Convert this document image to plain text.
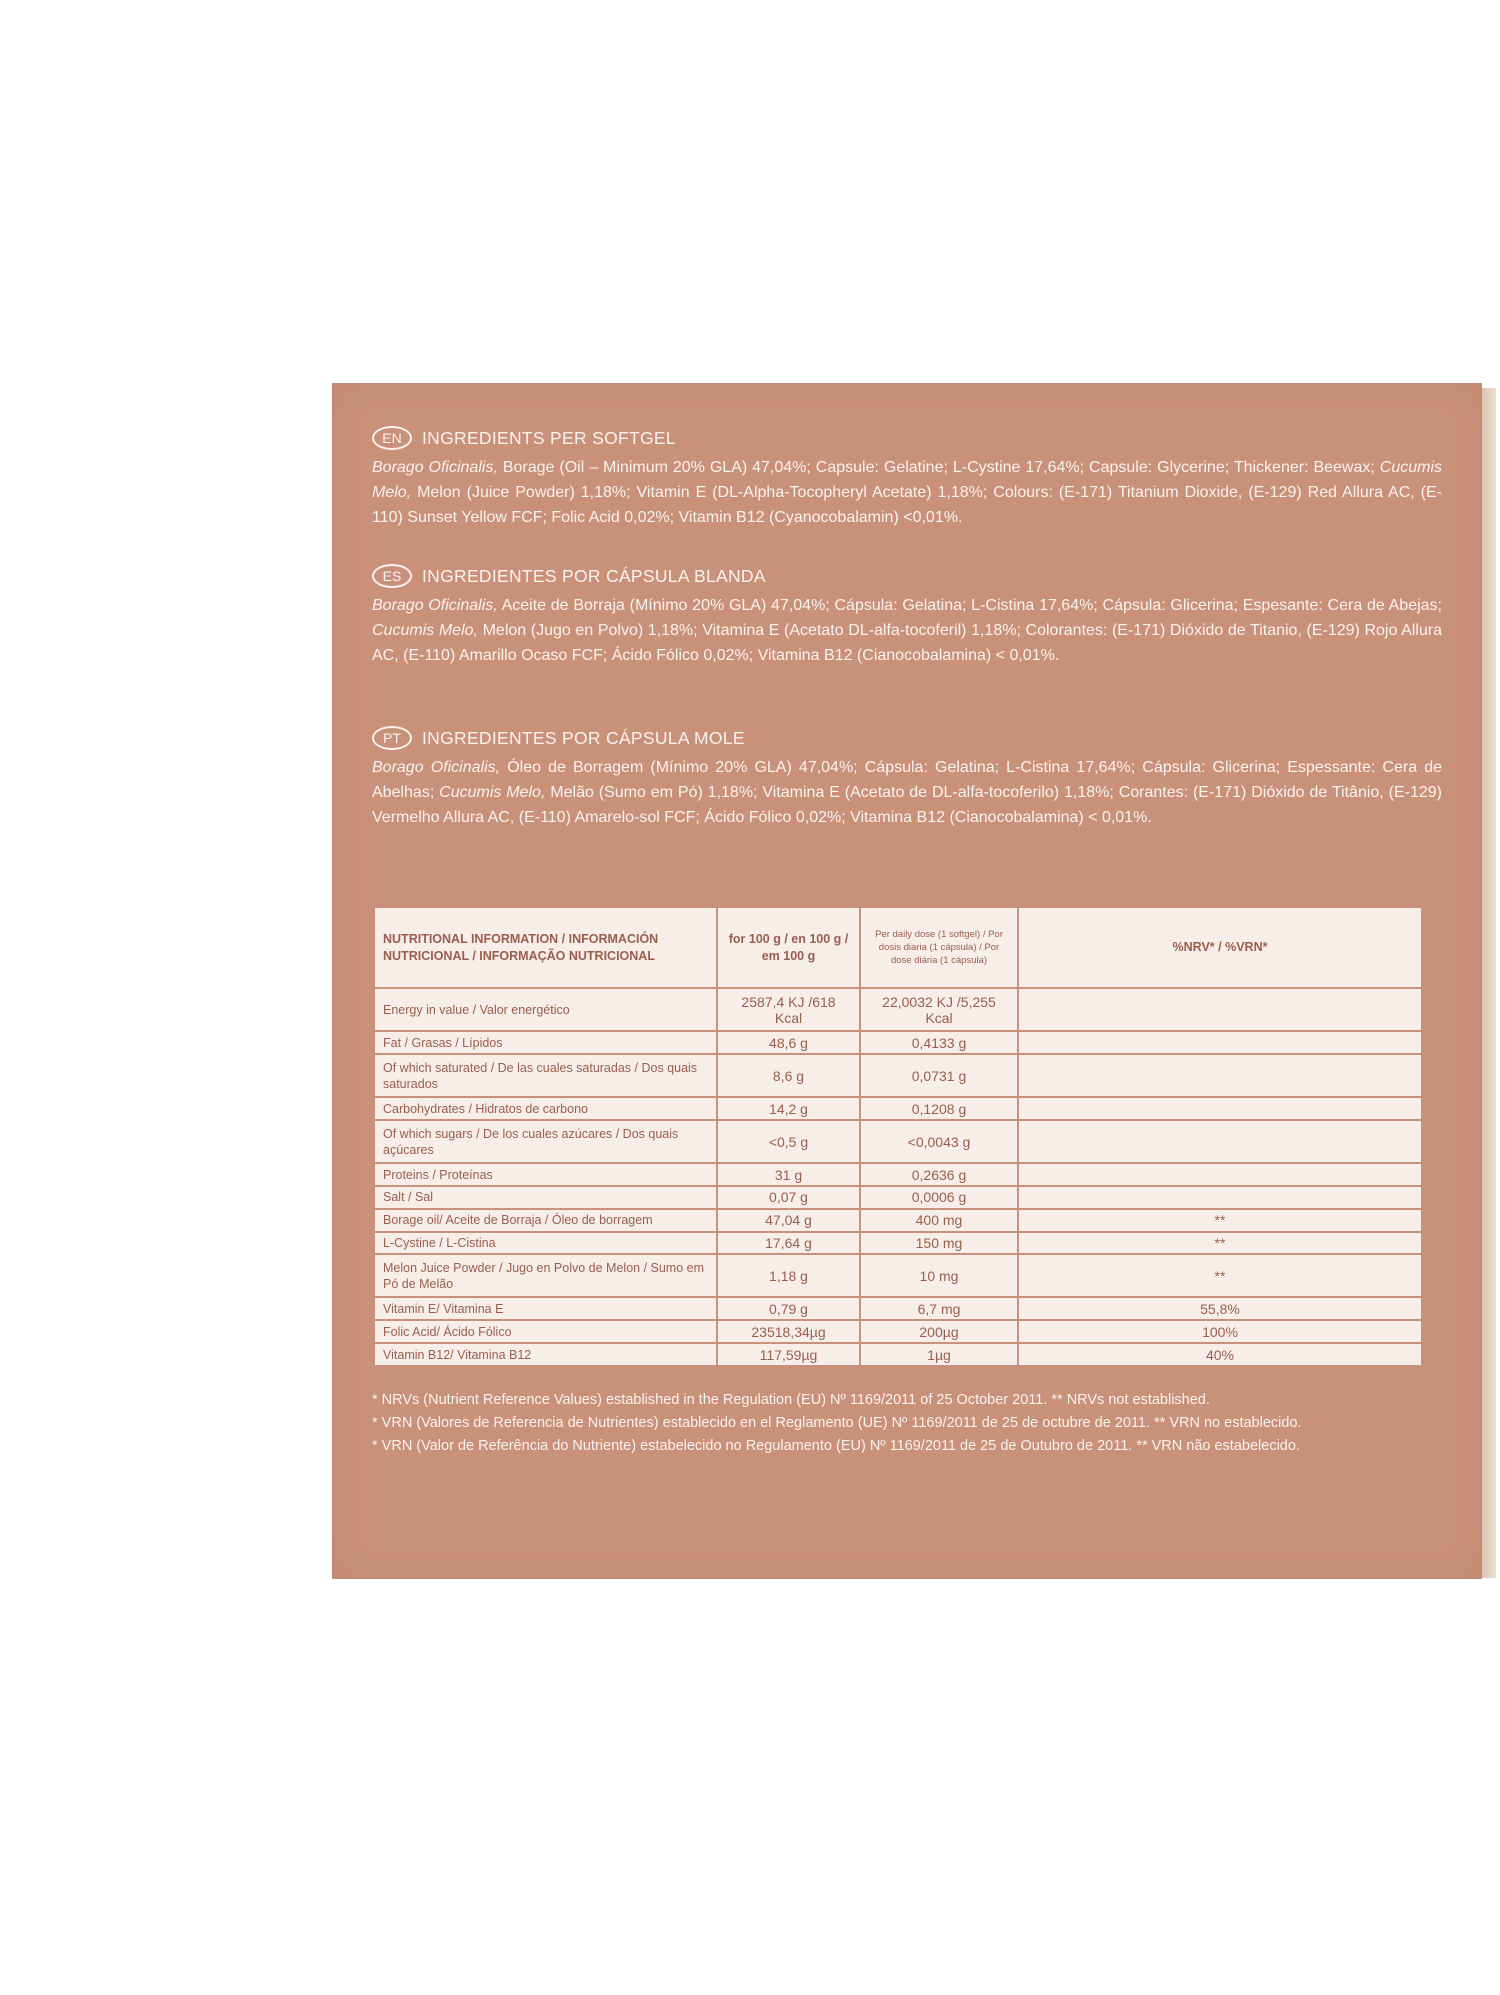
EN	INGREDIENTS PER SOFTGEL

Borago Oficinalis, Borage (Oil – Minimum 20% GLA) 47,04%; Capsule: Gelatine; L-Cystine 17,64%; Capsule: Glycerine; Thickener: Beewax; Cucumis Melo, Melon (Juice Powder) 1,18%; Vitamin E (DL-Alpha-Tocopheryl Acetate) 1,18%; Colours: (E-171) Titanium Dioxide, (E-129) Red Allura AC, (E-110) Sunset Yellow FCF; Folic Acid 0,02%; Vitamin B12 (Cyanocobalamin) <0,01%.

ES	INGREDIENTES POR CÁPSULA BLANDA

Borago Oficinalis, Aceite de Borraja (Mínimo 20% GLA) 47,04%; Cápsula: Gelatina; L-Cistina 17,64%; Cápsula: Glicerina; Espesante: Cera de Abejas; Cucumis Melo, Melon (Jugo en Polvo) 1,18%; Vitamina E (Acetato DL-alfa-tocoferil) 1,18%; Colorantes: (E-171) Dióxido de Titanio, (E-129) Rojo Allura AC, (E-110) Amarillo Ocaso FCF; Ácido Fólico 0,02%; Vitamina B12 (Cianocobalamina) < 0,01%.

PT	INGREDIENTES POR CÁPSULA MOLE

Borago Oficinalis, Óleo de Borragem (Mínimo 20% GLA) 47,04%; Cápsula: Gelatina; L-Cistina 17,64%; Cápsula: Glicerina; Espessante: Cera de Abelhas; Cucumis Melo, Melão (Sumo em Pó) 1,18%; Vitamina E (Acetato de DL-alfa-tocoferilo) 1,18%; Corantes: (E-171) Dióxido de Titânio, (E-129) Vermelho Allura AC, (E-110) Amarelo-sol FCF; Ácido Fólico 0,02%; Vitamina B12 (Cianocobalamina) < 0,01%.

NUTRITIONAL INFORMATION / INFORMACIÓN NUTRICIONAL / INFORMAÇÃO NUTRICIONAL	for 100 g / en 100 g / em 100 g	Per daily dose (1 softgel) / Por dosis diaria (1 cápsula) / Por dose diária (1 cápsula)	%NRV* / %VRN*
Energy in value / Valor energético	2587,4 KJ /618 Kcal	22,0032 KJ /5,255 Kcal	
Fat / Grasas / Lípidos	48,6 g	0,4133 g	
Of which saturated / De las cuales saturadas / Dos quais saturados	8,6 g	0,0731 g	
Carbohydrates / Hidratos de carbono	14,2 g	0,1208 g	
Of which sugars / De los cuales azúcares / Dos quais açúcares	<0,5 g	<0,0043 g	
Proteins / Proteínas	31 g	0,2636 g	
Salt / Sal	0,07 g	0,0006 g	
Borage oil/ Aceite de Borraja / Óleo de borragem	47,04 g	400 mg	**
L-Cystine / L-Cistina	17,64 g	150 mg	**
Melon Juice Powder / Jugo en Polvo de Melon / Sumo em Pó de Melão	1,18 g	10 mg	**
Vitamin E/ Vitamina E	0,79 g	6,7 mg	55,8%
Folic Acid/ Ácido Fólico	23518,34µg	200µg	100%
Vitamin B12/ Vitamina B12	117,59µg	1µg	40%

* NRVs (Nutrient Reference Values) established in the Regulation (EU) Nº 1169/2011 of 25 October 2011. ** NRVs not established.

* VRN (Valores de Referencia de Nutrientes) establecido en el Reglamento (UE) Nº 1169/2011 de 25 de octubre de 2011. ** VRN no establecido.

* VRN (Valor de Referência do Nutriente) estabelecido no Regulamento (EU) Nº 1169/2011 de 25 de Outubro de 2011. ** VRN não estabelecido.
